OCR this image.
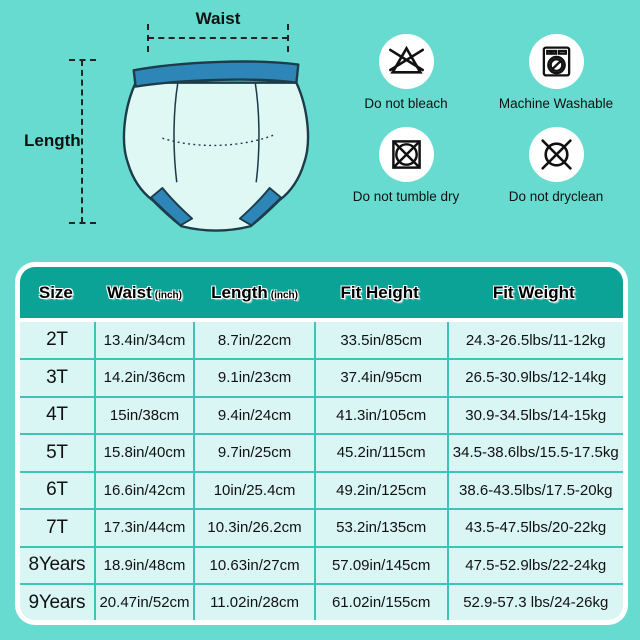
Waist
Length
Do not bleach	Machine Washable
Do not tumble dry	Do not dryclean
Size	Waist (inch)	Length (inch)	Fit Height	Fit Weight
2T	13.4in/34cm	8.7in/22cm	33.5in/85cm	24.3-26.5lbs/11-12kg
3T	14.2in/36cm	9.1in/23cm	37.4in/95cm	26.5-30.9lbs/12-14kg
4T	15in/38cm	9.4in/24cm	41.3in/105cm	30.9-34.5lbs/14-15kg
5T	15.8in/40cm	9.7in/25cm	45.2in/115cm	34.5-38.6lbs/15.5-17.5kg
6T	16.6in/42cm	10in/25.4cm	49.2in/125cm	38.6-43.5lbs/17.5-20kg
7T	17.3in/44cm	10.3in/26.2cm	53.2in/135cm	43.5-47.5lbs/20-22kg
8Years	18.9in/48cm	10.63in/27cm	57.09in/145cm	47.5-52.9lbs/22-24kg
9Years	20.47in/52cm	11.02in/28cm	61.02in/155cm	52.9-57.3 lbs/24-26kg
